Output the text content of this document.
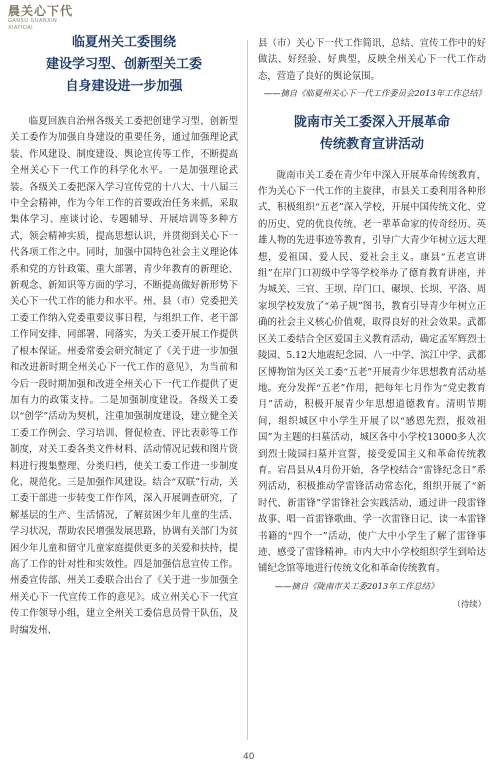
晨关心下代
GANSU GUANXIN
XIAYIDAI
临夏州关工委围绕
建设学习型、创新型关工委
自身建设进一步加强

临夏回族自治州各级关工委把创建学习型、创新型关工委作为加强自身建设的重要任务，通过加强理论武装、作风建设、制度建设、舆论宣传等工作，不断提高全州关心下一代工作的科学化水平。一是加强理论武装。各级关工委把深入学习宣传党的十八大、十八届三中全会精神，作为今年工作的首要政治任务来抓，采取集体学习、座谈讨论、专题辅导、开展培训等多种方式，领会精神实质，提高思想认识，并贯彻到关心下一代各项工作之中。同时，加强中国特色社会主义理论体系和党的方针政策、重大部署，青少年教育的新理论、新观念、新知识等方面的学习，不断提高做好新形势下关心下一代工作的能力和水平。州、县（市）党委把关工委工作纳入党委重要议事日程，与组织工作、老干部工作同安排、同部署、同落实，为关工委开展工作提供了根本保证。州委常委会研究制定了《关于进一步加强和改进新时期全州关心下一代工作的意见》，为当前和今后一段时期加强和改进全州关心下一代工作提供了更加有力的政策支持。二是加强制度建设。各级关工委以“创学”活动为契机，注重加强制度建设，建立健全关工委工作例会、学习培训、督促检查、评比表彰等工作制度，对关工委各类文件材料、活动情况记载和图片资料进行搜集整理、分类归档，使关工委工作进一步制度化、规范化。三是加强作风建设。结合“双联”行动，关工委干部进一步转变工作作风，深入开展调查研究，了解基层的生产、生活情况，了解贫困少年儿童的生活、学习状况，帮助农民增强发展思路，协调有关部门为贫困少年儿童和留守儿童家庭提供更多的关爱和扶持，提高了工作的针对性和实效性。四是加强信息宣传工作。州委宣传部、州关工委联合出台了《关于进一步加强全州关心下一代宣传工作的意见》。成立州关心下一代宣传工作领导小组，建立全州关工委信息员骨干队伍，及时编发州、

县（市）关心下一代工作简讯，总结、宣传工作中的好做法、好经验、好典型，反映全州关心下一代工作动态，营造了良好的舆论氛围。

——摘自《临夏州关心下一代工作委员会2013年工作总结》

陇南市关工委深入开展革命
传统教育宣讲活动

陇南市关工委在青少年中深入开展革命传统教育，作为关心下一代工作的主旋律，市县关工委利用各种形式，积极组织“五老”深入学校，开展中国传统文化、党的历史、党的优良传统、老一辈革命家的传奇经历、英雄人物的先进事迹等教育，引导广大青少年树立远大理想，爱祖国、爱人民、爱社会主义。康县“五老宣讲组”在岸门口初级中学等学校举办了德育教育讲座，并为城关、三官、王坝、岸门口、碾坝、长坝、平洛、周家坝学校发放了“弟子规”图书，教育引导青少年树立正确的社会主义核心价值观，取得良好的社会效果。武都区关工委结合全区爱国主义教育活动，确定孟军辉烈士陵园、5.12大地震纪念园、八一中学、滨江中学、武都区博物馆为区关工委“五老”开展青少年思想教育活动基地。充分发挥“五老”作用，把每年七月作为“党史教育月”活动，积极开展青少年思想道德教育。清明节期间，组织城区中小学生开展了以“感恩先烈，报效祖国”为主题的扫墓活动，城区各中小学校13000多人次到烈士陵园扫墓并宣誓，接受爱国主义和革命传统教育。宕昌县从4月份开始，各学校结合“雷锋纪念日”系列活动，积极推动学雷锋活动常态化，组织开展了“新时代、新雷锋”学雷锋社会实践活动，通过讲一段雷锋故事、唱一首雷锋歌曲、学一次雷锋日记、读一本雷锋书籍的“四个一”活动，使广大中小学生了解了雷锋事迹、感受了雷锋精神。市内大中小学校组织学生到哈达铺纪念馆等地进行传统文化和革命传统教育。

——摘自《陇南市关工委2013年工作总结》

（待续）
40
